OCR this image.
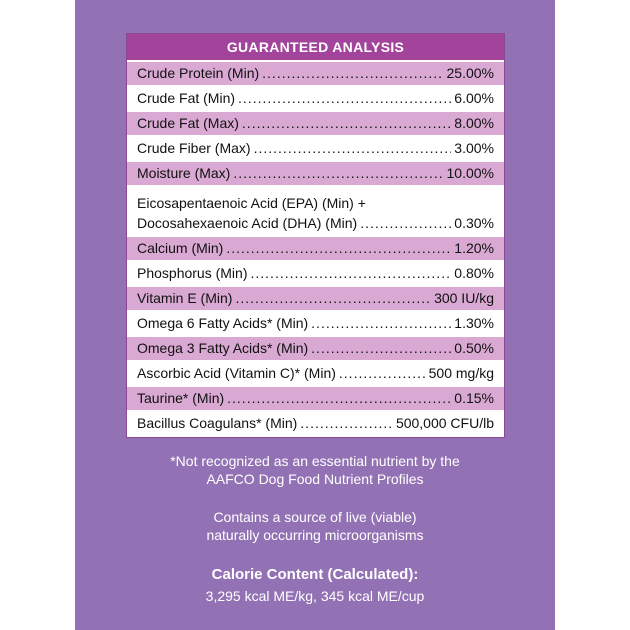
GUARANTEED ANALYSIS
Crude Protein (Min) .....	25.00%
Crude Fat (Min) .....	6.00%
Crude Fat (Max) .....	8.00%
Crude Fiber (Max) .....	3.00%
Moisture (Max) .....	10.00%
Eicosapentaenoic Acid (EPA) (Min) +
Docosahexaenoic Acid (DHA) (Min) .....	0.30%
Calcium (Min) .....	1.20%
Phosphorus (Min) .....	0.80%
Vitamin E (Min) .....	300 IU/kg
Omega 6 Fatty Acids* (Min) .....	1.30%
Omega 3 Fatty Acids* (Min) .....	0.50%
Ascorbic Acid (Vitamin C)* (Min) .....	500 mg/kg
Taurine* (Min) .....	0.15%
Bacillus Coagulans* (Min) .....	500,000 CFU/lb
*Not recognized as an essential nutrient by the
AAFCO Dog Food Nutrient Profiles
Contains a source of live (viable)
naturally occurring microorganisms
Calorie Content (Calculated):
3,295 kcal ME/kg, 345 kcal ME/cup
